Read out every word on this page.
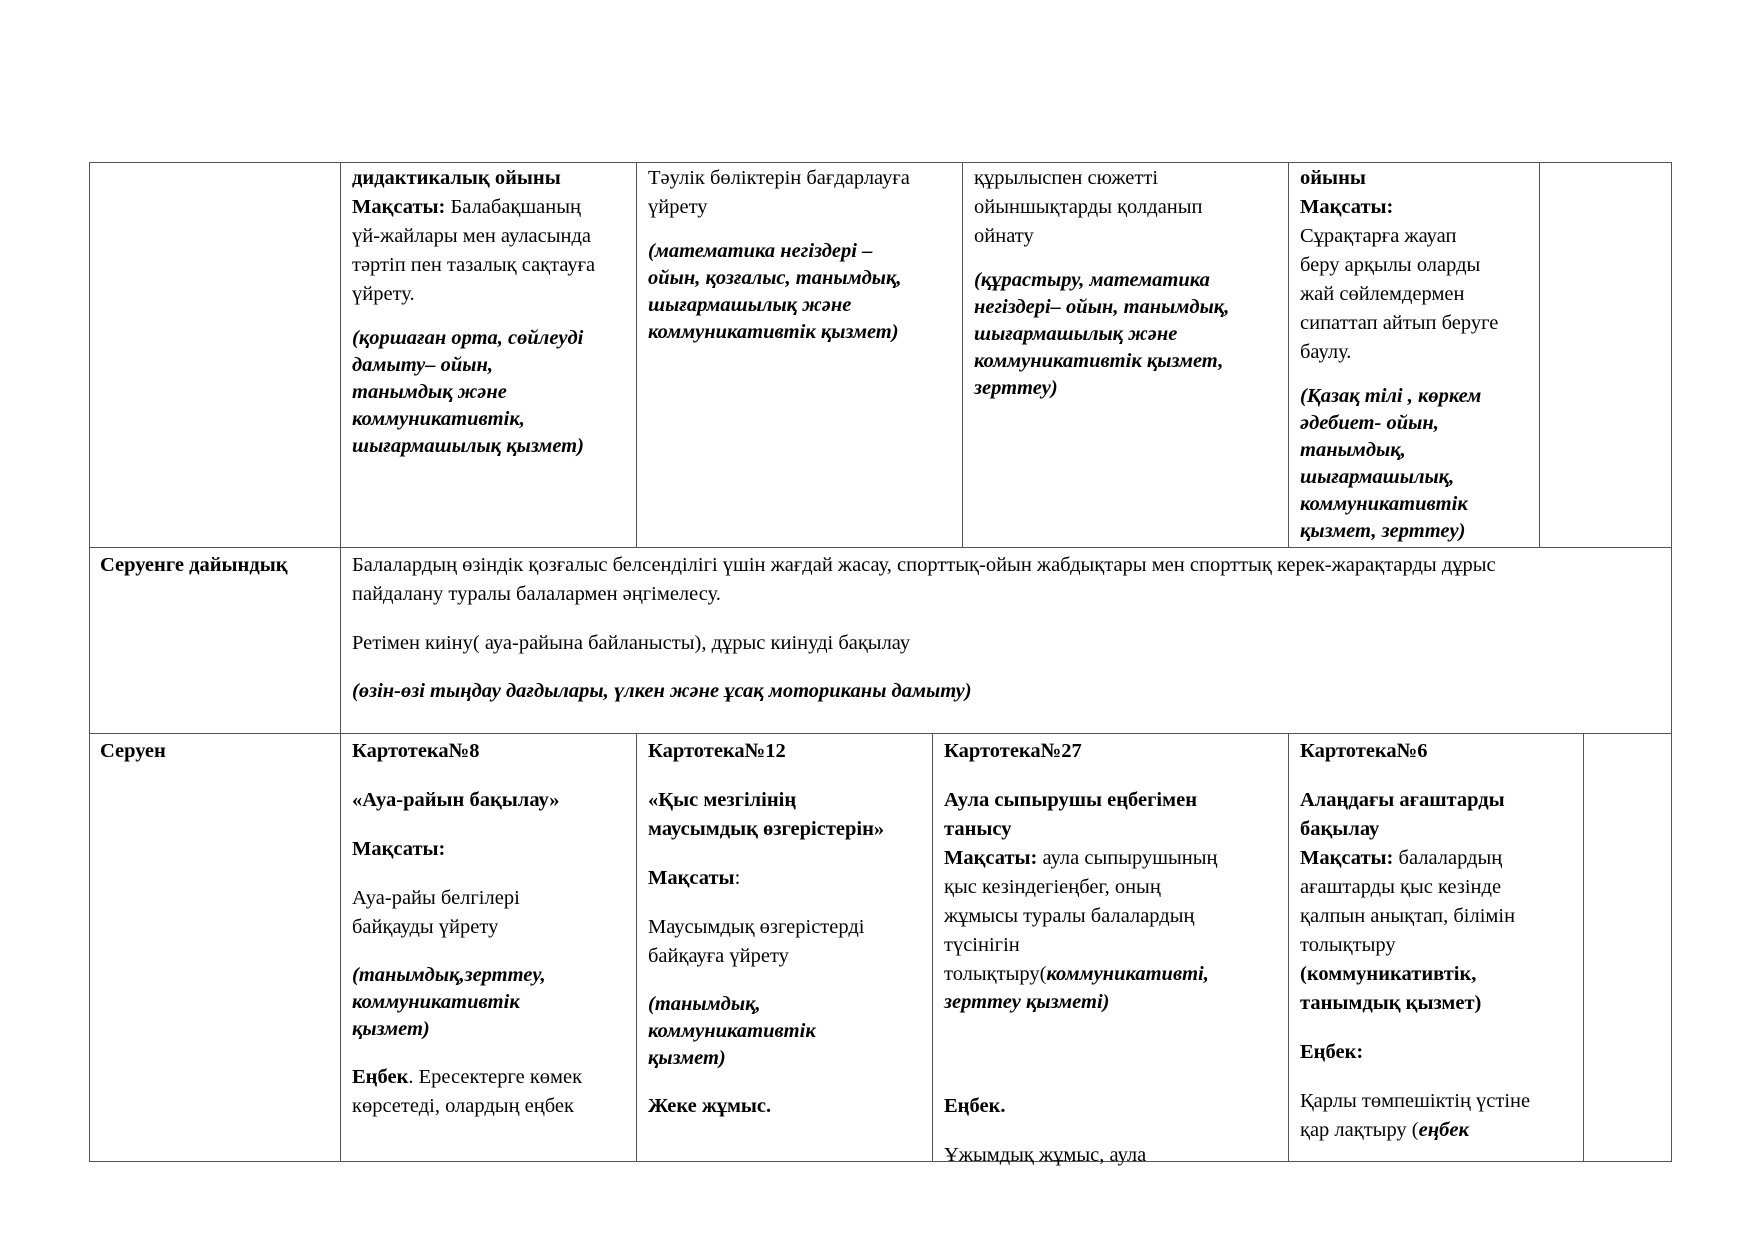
дидактикалық ойыны

Мақсаты: Балабақшаның

үй-жайлары мен ауласында

тәртіп пен тазалық сақтауға

үйрету.

(қоршаған орта, сөйлеуді

дамыту– ойын,

танымдық және

коммуникативтік,

шығармашылық қызмет)

Тәулік бөліктерін бағдарлауға

үйрету

(математика негіздері –

ойын, қозғалыс, танымдық,

шығармашылық және

коммуникативтік қызмет)

құрылыспен сюжетті

ойыншықтарды қолданып

ойнату

(құрастыру, математика

негіздері– ойын, танымдық,

шығармашылық және

коммуникативтік қызмет,

зерттеу)

ойыны

Мақсаты:

Сұрақтарға жауап

беру арқылы оларды

жай сөйлемдермен

сипаттап айтып беруге

баулу.

(Қазақ тілі , көркем

әдебиет- ойын,

танымдық,

шығармашылық,

коммуникативтік

қызмет, зерттеу)

Серуенге дайындық	Балалардың өзіндік қозғалыс белсенділігі үшін жағдай жасау, спорттық-ойын жабдықтары мен спорттық керек-жарақтарды дұрыс

пайдалану туралы балалармен әңгімелесу.

Ретімен киіну( ауа-райына байланысты), дұрыс киінуді бақылау

(өзін-өзі тыңдау дағдылары, үлкен және ұсақ моториканы дамыту)

Серуен	Картотека№8

«Ауа-райын бақылау»

Мақсаты:

Ауа-райы белгілері

байқауды үйрету

(танымдық,зерттеу,

коммуникативтік

қызмет)

Еңбек. Ересектерге көмек

көрсетеді, олардың еңбек

Картотека№12

«Қыс мезгілінің

маусымдық өзгерістерін»

Мақсаты:

Маусымдық өзгерістерді

байқауға үйрету

(танымдық,

коммуникативтік

қызмет)

Жеке жұмыс.

Картотека№27

Аула сыпырушы еңбегімен

танысу

Мақсаты: аула сыпырушының

қыс кезіндегіеңбег, оның

жұмысы туралы балалардың

түсінігін

толықтыру(коммуникативті,

зерттеу қызметі)

Еңбек.

Ұжымдық жұмыс, аула

Картотека№6

Алаңдағы ағаштарды

бақылау

Мақсаты: балалардың

ағаштарды қыс кезінде

қалпын анықтап, білімін

толықтыру

(коммуникативтік,

танымдық қызмет)

Еңбек:

Қарлы төмпешіктің үстіне

қар лақтыру (еңбек
